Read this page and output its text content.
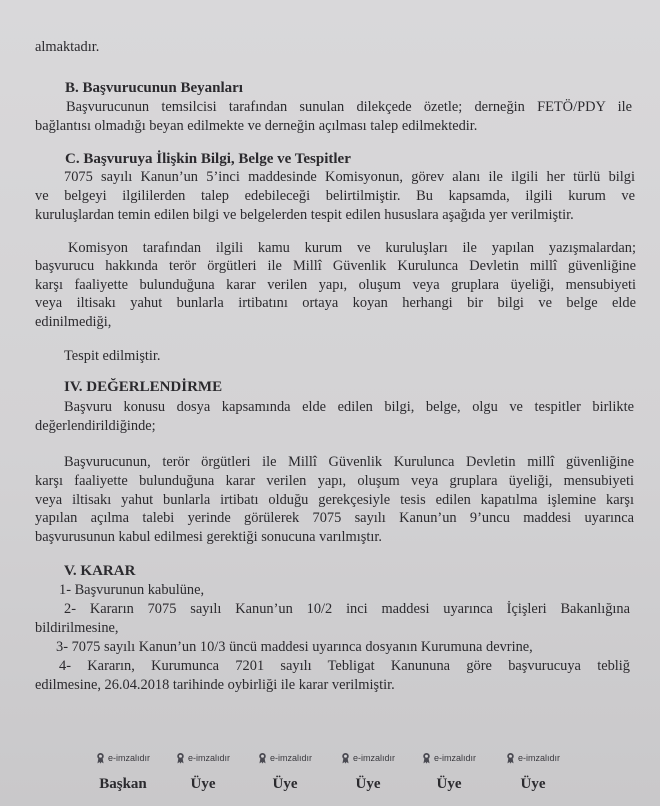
almaktadır.
B. Başvurucunun Beyanları
Başvurucunun temsilcisi tarafından sunulan dilekçede özetle; derneğin FETÖ/PDY ile
bağlantısı olmadığı beyan edilmekte ve derneğin açılması talep edilmektedir.
C. Başvuruya İlişkin Bilgi, Belge ve Tespitler
7075 sayılı Kanun’un 5’inci maddesinde Komisyonun, görev alanı ile ilgili her türlü bilgi
ve belgeyi ilgililerden talep edebileceği belirtilmiştir. Bu kapsamda, ilgili kurum ve
kuruluşlardan temin edilen bilgi ve belgelerden tespit edilen hususlara aşağıda yer verilmiştir.
Komisyon tarafından ilgili kamu kurum ve kuruluşları ile yapılan yazışmalardan;
başvurucu hakkında terör örgütleri ile Millî Güvenlik Kurulunca Devletin millî güvenliğine
karşı faaliyette bulunduğuna karar verilen yapı, oluşum veya gruplara üyeliği, mensubiyeti
veya iltisakı yahut bunlarla irtibatını ortaya koyan herhangi bir bilgi ve belge elde
edinilmediği,
Tespit edilmiştir.
IV. DEĞERLENDİRME
Başvuru konusu dosya kapsamında elde edilen bilgi, belge, olgu ve tespitler birlikte
değerlendirildiğinde;
Başvurucunun, terör örgütleri ile Millî Güvenlik Kurulunca Devletin millî güvenliğine
karşı faaliyette bulunduğuna karar verilen yapı, oluşum veya gruplara üyeliği, mensubiyeti
veya iltisakı yahut bunlarla irtibatı olduğu gerekçesiyle tesis edilen kapatılma işlemine karşı
yapılan açılma talebi yerinde görülerek 7075 sayılı Kanun’un 9’uncu maddesi uyarınca
başvurusunun kabul edilmesi gerektiği sonucuna varılmıştır.
V. KARAR
1- Başvurunun kabulüne,
2- Kararın 7075 sayılı Kanun’un 10/2 inci maddesi uyarınca İçişleri Bakanlığına
bildirilmesine,
3- 7075 sayılı Kanun’un 10/3 üncü maddesi uyarınca dosyanın Kurumuna devrine,
4- Kararın, Kurumunca 7201 sayılı Tebligat Kanununa göre başvurucuya tebliğ
edilmesine, 26.04.2018 tarihinde oybirliği ile karar verilmiştir.
e-imzalıdır
Başkan
e-imzalıdır
Üye
e-imzalıdır
Üye
e-imzalıdır
Üye
e-imzalıdır
Üye
e-imzalıdır
Üye
